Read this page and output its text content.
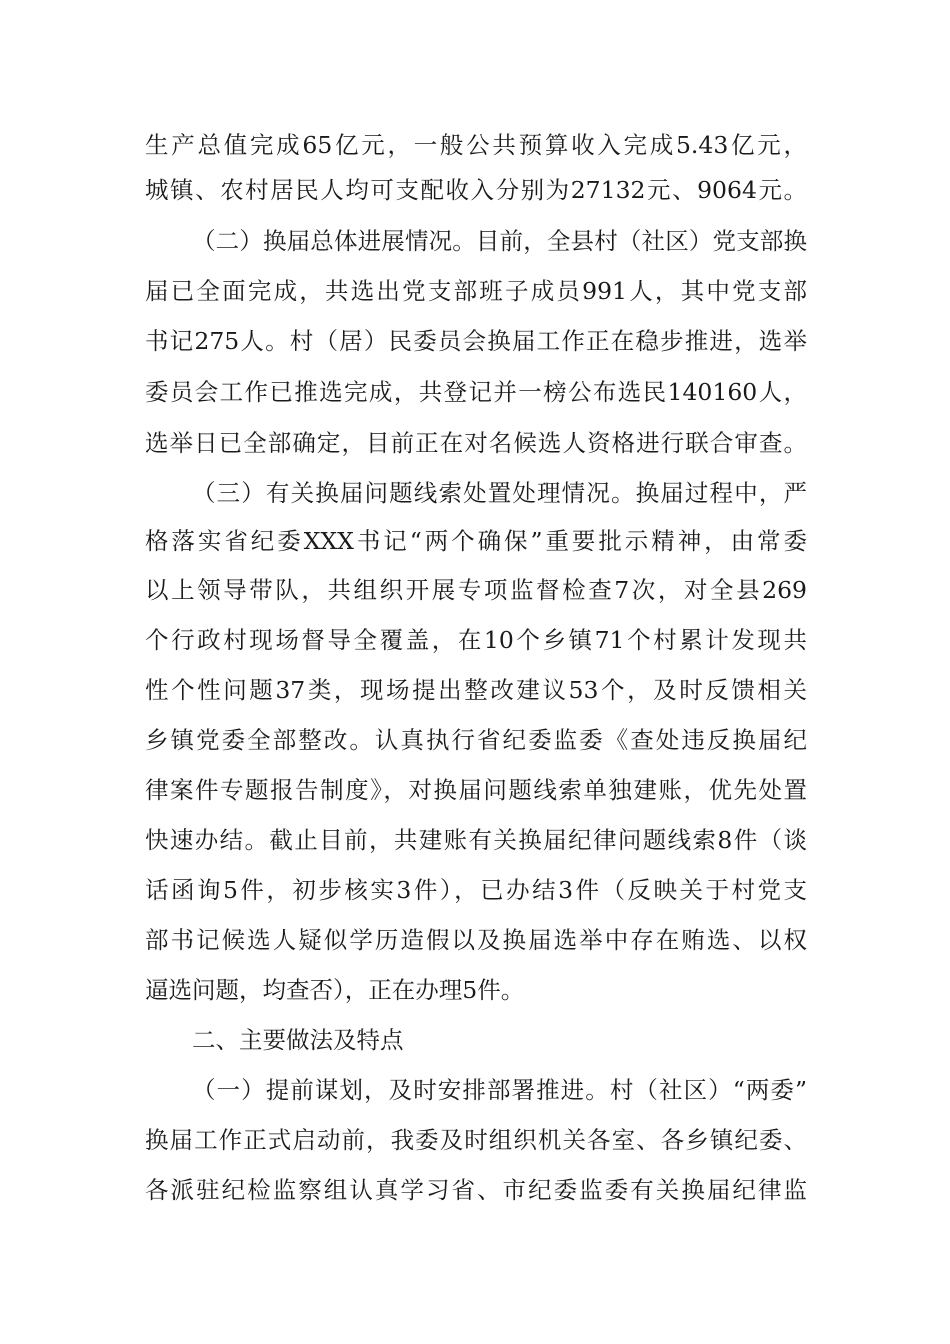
生产总值完成65亿元，一般公共预算收入完成5.43亿元，
城镇、农村居民人均可支配收入分别为27132元、9064元。
（二）换届总体进展情况。目前，全县村（社区）党支部换
届已全面完成，共选出党支部班子成员991人，其中党支部
书记275人。村（居）民委员会换届工作正在稳步推进，选举
委员会工作已推选完成，共登记并一榜公布选民140160人，
选举日已全部确定，目前正在对名候选人资格进行联合审查。
（三）有关换届问题线索处置处理情况。换届过程中，严
格落实省纪委XXX书记“两个确保”重要批示精神，由常委
以上领导带队，共组织开展专项监督检查7次，对全县269
个行政村现场督导全覆盖，在10个乡镇71个村累计发现共
性个性问题37类，现场提出整改建议53个，及时反馈相关
乡镇党委全部整改。认真执行省纪委监委《查处违反换届纪
律案件专题报告制度》，对换届问题线索单独建账，优先处置
快速办结。截止目前，共建账有关换届纪律问题线索8件（谈
话函询5件，初步核实3件），已办结3件（反映关于村党支
部书记候选人疑似学历造假以及换届选举中存在贿选、以权
逼选问题，均查否），正在办理5件。
二、主要做法及特点
（一）提前谋划，及时安排部署推进。村（社区）“两委”
换届工作正式启动前，我委及时组织机关各室、各乡镇纪委、
各派驻纪检监察组认真学习省、市纪委监委有关换届纪律监
